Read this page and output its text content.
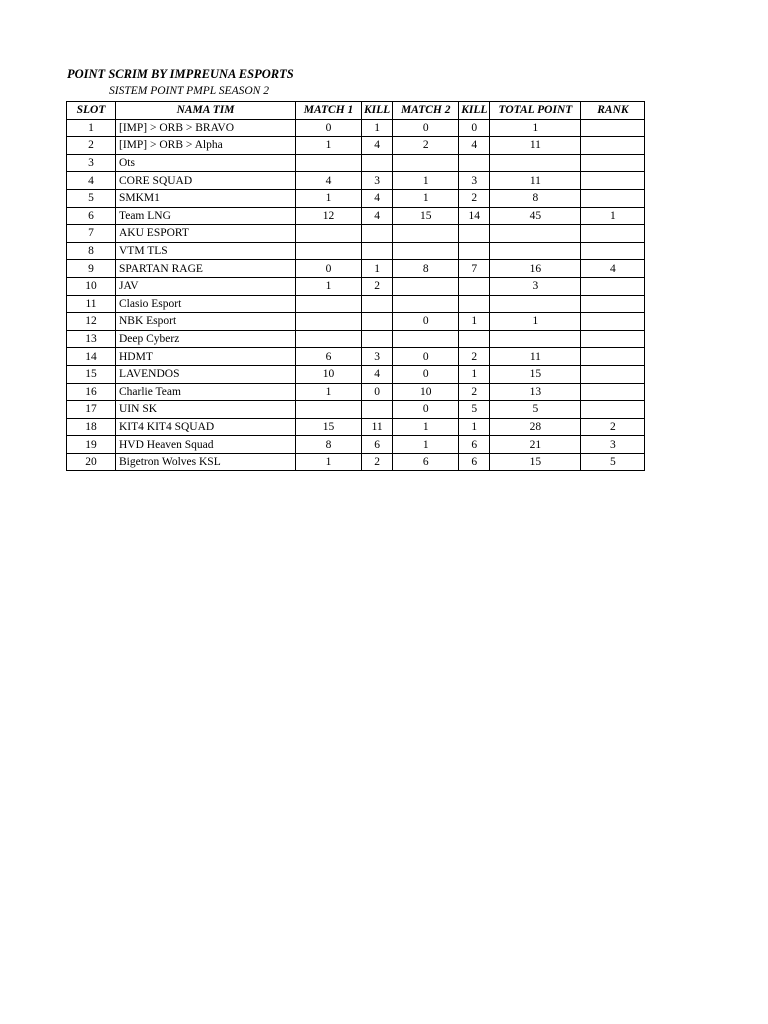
POINT SCRIM BY IMPREUNA ESPORTS
SISTEM POINT PMPL SEASON 2
SLOT	NAMA TIM	MATCH 1	KILL	MATCH 2	KILL	TOTAL POINT	RANK
1	[IMP] > ORB > BRAVO	0	1	0	0	1	
2	[IMP] > ORB > Alpha	1	4	2	4	11	
3	Ots						
4	CORE SQUAD	4	3	1	3	11	
5	SMKM1	1	4	1	2	8	
6	Team LNG	12	4	15	14	45	1
7	AKU ESPORT						
8	VTM TLS						
9	SPARTAN RAGE	0	1	8	7	16	4
10	JAV	1	2			3	
11	Clasio Esport						
12	NBK Esport			0	1	1	
13	Deep Cyberz						
14	HDMT	6	3	0	2	11	
15	LAVENDOS	10	4	0	1	15	
16	Charlie Team	1	0	10	2	13	
17	UIN SK			0	5	5	
18	KIT4 KIT4 SQUAD	15	11	1	1	28	2
19	HVD Heaven Squad	8	6	1	6	21	3
20	Bigetron Wolves KSL	1	2	6	6	15	5
